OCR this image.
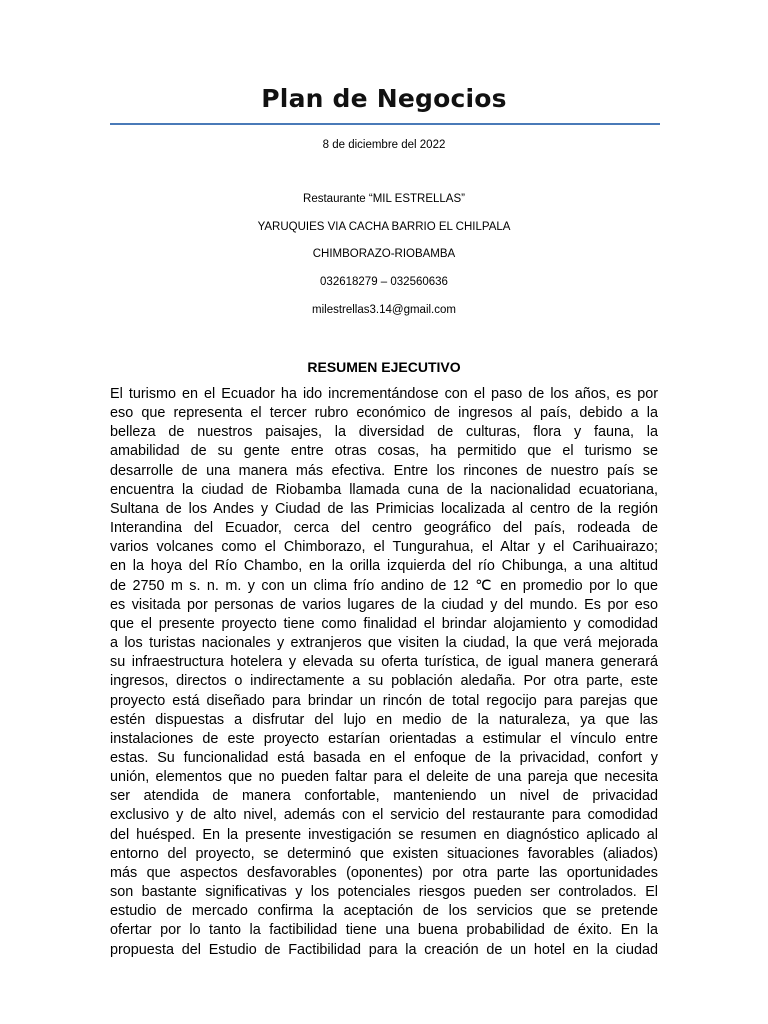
Plan de Negocios
8 de diciembre del 2022
Restaurante “MIL ESTRELLAS”
YARUQUIES VIA CACHA BARRIO EL CHILPALA
CHIMBORAZO-RIOBAMBA
032618279 – 032560636
milestrellas3.14@gmail.com
RESUMEN EJECUTIVO
El turismo en el Ecuador ha ido incrementándose con el paso de los años, es por
eso que representa el tercer rubro económico de ingresos al país, debido a la
belleza de nuestros paisajes, la diversidad de culturas, flora y fauna, la
amabilidad de su gente entre otras cosas, ha permitido que el turismo se
desarrolle de una manera más efectiva. Entre los rincones de nuestro país se
encuentra la ciudad de Riobamba llamada cuna de la nacionalidad ecuatoriana,
Sultana de los Andes y Ciudad de las Primicias localizada al centro de la región
Interandina del Ecuador, cerca del centro geográfico del país, rodeada de
varios volcanes como el Chimborazo, el Tungurahua, el Altar y el Carihuairazo;
en la hoya del Río Chambo, en la orilla izquierda del río Chibunga, a una altitud
de 2750 m s. n. m. y con un clima frío andino de 12 ℃ en promedio por lo que
es visitada por personas de varios lugares de la ciudad y del mundo. Es por eso
que el presente proyecto tiene como finalidad el brindar alojamiento y comodidad
a los turistas nacionales y extranjeros que visiten la ciudad, la que verá mejorada
su infraestructura hotelera y elevada su oferta turística, de igual manera generará
ingresos, directos o indirectamente a su población aledaña. Por otra parte, este
proyecto está diseñado para brindar un rincón de total regocijo para parejas que
estén dispuestas a disfrutar del lujo en medio de la naturaleza, ya que las
instalaciones de este proyecto estarían orientadas a estimular el vínculo entre
estas. Su funcionalidad está basada en el enfoque de la privacidad, confort y
unión, elementos que no pueden faltar para el deleite de una pareja que necesita
ser atendida de manera confortable, manteniendo un nivel de privacidad
exclusivo y de alto nivel, además con el servicio del restaurante para comodidad
del huésped. En la presente investigación se resumen en diagnóstico aplicado al
entorno del proyecto, se determinó que existen situaciones favorables (aliados)
más que aspectos desfavorables (oponentes) por otra parte las oportunidades
son bastante significativas y los potenciales riesgos pueden ser controlados. El
estudio de mercado confirma la aceptación de los servicios que se pretende
ofertar por lo tanto la factibilidad tiene una buena probabilidad de éxito. En la
propuesta del Estudio de Factibilidad para la creación de un hotel en la ciudad
